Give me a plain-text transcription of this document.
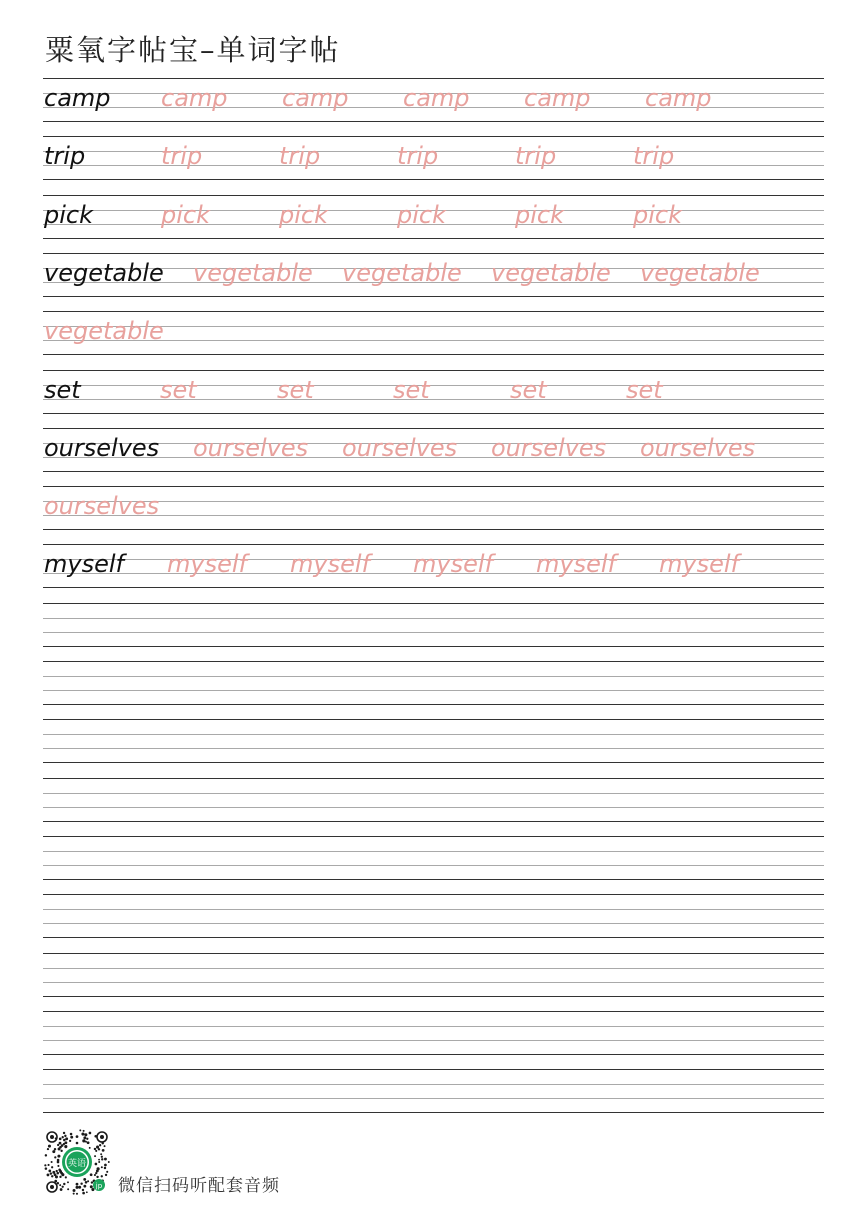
粟氧字帖宝–单词字帖
camp camp camp camp camp camp
trip	trip	trip	trip	trip	trip
pick	pick	pick	pick	pick	pick
vegetable vegetable vegetable vegetable vegetable
vegetable
set	set	set	set	set	set
ourselves ourselves ourselves ourselves ourselves
ourselves
myself myself myself myself myself myself
英语
jp 微信扫码听配套音频
